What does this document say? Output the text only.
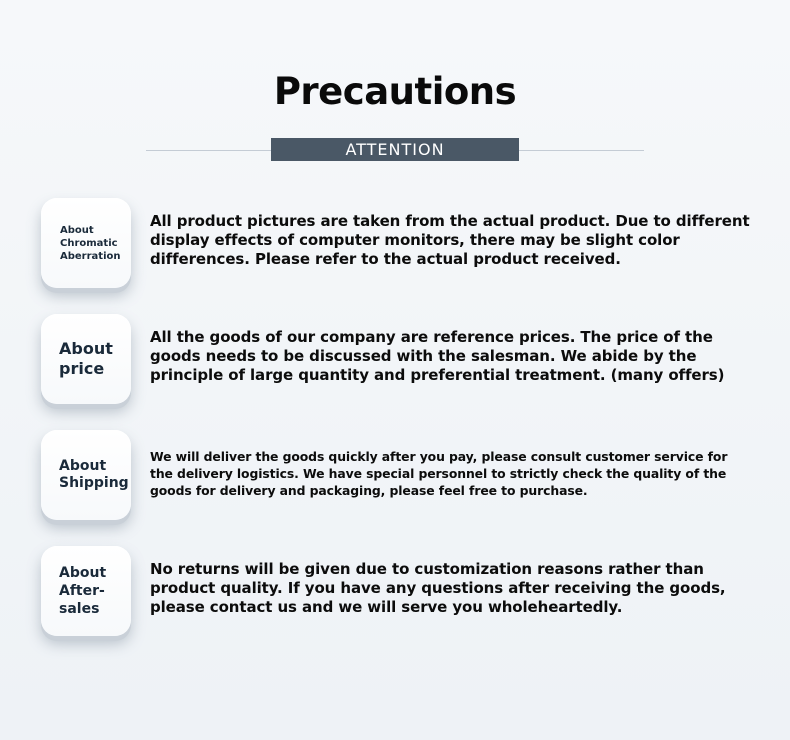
Precautions
ATTENTION
About
Chromatic
Aberration

All product pictures are taken from the actual product. Due to different display effects of computer monitors, there may be slight color differences. Please refer to the actual product received.

About
price

All the goods of our company are reference prices. The price of the goods needs to be discussed with the salesman. We abide by the principle of large quantity and preferential treatment. (many offers)

About
Shipping

We will deliver the goods quickly after you pay, please consult customer service for the delivery logistics. We have special personnel to strictly check the quality of the goods for delivery and packaging, please feel free to purchase.

About
After-
sales

No returns will be given due to customization reasons rather than product quality. If you have any questions after receiving the goods, please contact us and we will serve you wholeheartedly.
